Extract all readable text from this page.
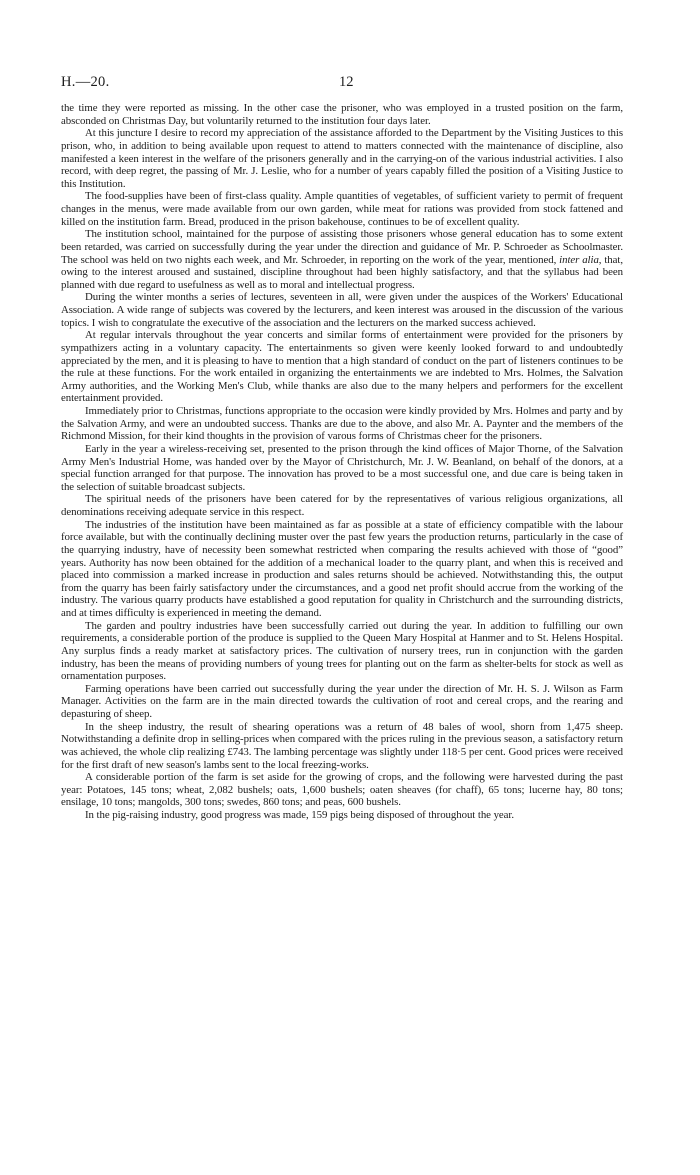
H.—20.	12

the time they were reported as missing. In the other case the prisoner, who was employed in a trusted position on the farm, absconded on Christmas Day, but voluntarily returned to the institution four days later.

At this juncture I desire to record my appreciation of the assistance afforded to the Department by the Visiting Justices to this prison, who, in addition to being available upon request to attend to matters connected with the maintenance of discipline, also manifested a keen interest in the welfare of the prisoners generally and in the carrying-on of the various industrial activities. I also record, with deep regret, the passing of Mr. J. Leslie, who for a number of years capably filled the position of a Visiting Justice to this Institution.

The food-supplies have been of first-class quality. Ample quantities of vegetables, of sufficient variety to permit of frequent changes in the menus, were made available from our own garden, while meat for rations was provided from stock fattened and killed on the institution farm. Bread, produced in the prison bakehouse, continues to be of excellent quality.

The institution school, maintained for the purpose of assisting those prisoners whose general education has to some extent been retarded, was carried on successfully during the year under the direction and guidance of Mr. P. Schroeder as Schoolmaster. The school was held on two nights each week, and Mr. Schroeder, in reporting on the work of the year, mentioned, inter alia, that, owing to the interest aroused and sustained, discipline throughout had been highly satisfactory, and that the syllabus had been planned with due regard to usefulness as well as to moral and intellectual progress.

During the winter months a series of lectures, seventeen in all, were given under the auspices of the Workers' Educational Association. A wide range of subjects was covered by the lecturers, and keen interest was aroused in the discussion of the various topics. I wish to congratulate the executive of the association and the lecturers on the marked success achieved.

At regular intervals throughout the year concerts and similar forms of entertainment were provided for the prisoners by sympathizers acting in a voluntary capacity. The entertainments so given were keenly looked forward to and undoubtedly appreciated by the men, and it is pleasing to have to mention that a high standard of conduct on the part of listeners continues to be the rule at these functions. For the work entailed in organizing the entertainments we are indebted to Mrs. Holmes, the Salvation Army authorities, and the Working Men's Club, while thanks are also due to the many helpers and performers for the excellent entertainment provided.

Immediately prior to Christmas, functions appropriate to the occasion were kindly provided by Mrs. Holmes and party and by the Salvation Army, and were an undoubted success. Thanks are due to the above, and also Mr. A. Paynter and the members of the Richmond Mission, for their kind thoughts in the provision of varous forms of Christmas cheer for the prisoners.

Early in the year a wireless-receiving set, presented to the prison through the kind offices of Major Thorne, of the Salvation Army Men's Industrial Home, was handed over by the Mayor of Christchurch, Mr. J. W. Beanland, on behalf of the donors, at a special function arranged for that purpose. The innovation has proved to be a most successful one, and due care is being taken in the selection of suitable broadcast subjects.

The spiritual needs of the prisoners have been catered for by the representatives of various religious organizations, all denominations receiving adequate service in this respect.

The industries of the institution have been maintained as far as possible at a state of efficiency compatible with the labour force available, but with the continually declining muster over the past few years the production returns, particularly in the case of the quarrying industry, have of necessity been somewhat restricted when comparing the results achieved with those of “good” years. Authority has now been obtained for the addition of a mechanical loader to the quarry plant, and when this is received and placed into commission a marked increase in production and sales returns should be achieved. Notwithstanding this, the output from the quarry has been fairly satisfactory under the circumstances, and a good net profit should accrue from the working of the industry. The various quarry products have established a good reputation for quality in Christchurch and the surrounding districts, and at times difficulty is experienced in meeting the demand.

The garden and poultry industries have been successfully carried out during the year. In addition to fulfilling our own requirements, a considerable portion of the produce is supplied to the Queen Mary Hospital at Hanmer and to St. Helens Hospital. Any surplus finds a ready market at satisfactory prices. The cultivation of nursery trees, run in conjunction with the garden industry, has been the means of providing numbers of young trees for planting out on the farm as shelter-belts for stock as well as ornamentation purposes.

Farming operations have been carried out successfully during the year under the direction of Mr. H. S. J. Wilson as Farm Manager. Activities on the farm are in the main directed towards the cultivation of root and cereal crops, and the rearing and depasturing of sheep.

In the sheep industry, the result of shearing operations was a return of 48 bales of wool, shorn from 1,475 sheep. Notwithstanding a definite drop in selling-prices when compared with the prices ruling in the previous season, a satisfactory return was achieved, the whole clip realizing £743. The lambing percentage was slightly under 118·5 per cent. Good prices were received for the first draft of new season's lambs sent to the local freezing-works.

A considerable portion of the farm is set aside for the growing of crops, and the following were harvested during the past year: Potatoes, 145 tons; wheat, 2,082 bushels; oats, 1,600 bushels; oaten sheaves (for chaff), 65 tons; lucerne hay, 80 tons; ensilage, 10 tons; mangolds, 300 tons; swedes, 860 tons; and peas, 600 bushels.

In the pig-raising industry, good progress was made, 159 pigs being disposed of throughout the year.
